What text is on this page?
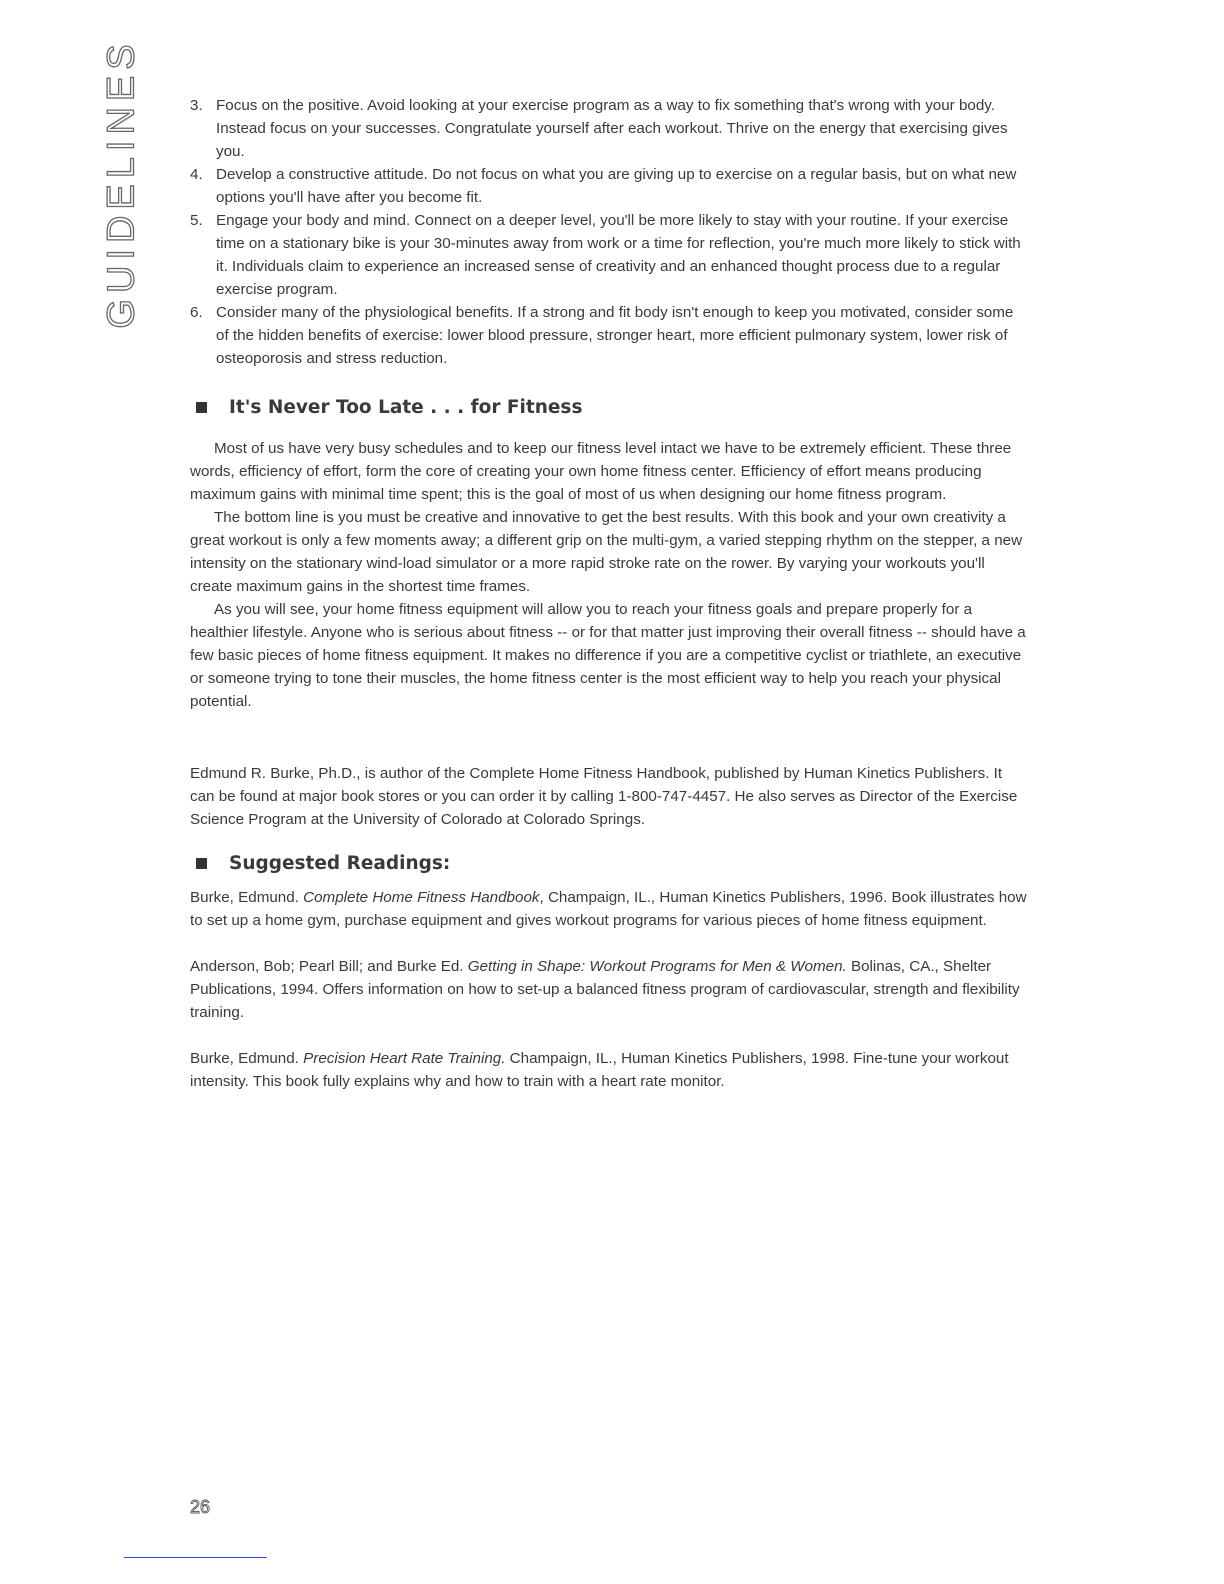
GUIDELINES	3. Focus on the positive. Avoid looking at your exercise program as a way to fix something that's wrong with your body. Instead focus on your successes. Congratulate yourself after each workout. Thrive on the energy that exercising gives you.
4. Develop a constructive attitude. Do not focus on what you are giving up to exercise on a regular basis, but on what new options you'll have after you become fit.
5. Engage your body and mind. Connect on a deeper level, you'll be more likely to stay with your routine. If your exercise time on a stationary bike is your 30-minutes away from work or a time for reflection, you're much more likely to stick with it. Individuals claim to experience an increased sense of creativity and an enhanced thought process due to a regular exercise program.
6. Consider many of the physiological benefits. If a strong and fit body isn't enough to keep you motivated, consider some of the hidden benefits of exercise: lower blood pressure, stronger heart, more efficient pulmonary system, lower risk of osteoporosis and stress reduction.
It's Never Too Late . . . for Fitness

Most of us have very busy schedules and to keep our fitness level intact we have to be extremely efficient. These three words, efficiency of effort, form the core of creating your own home fitness center. Efficiency of effort means producing maximum gains with minimal time spent; this is the goal of most of us when designing our home fitness program.

The bottom line is you must be creative and innovative to get the best results. With this book and your own creativity a great workout is only a few moments away; a different grip on the multi-gym, a varied stepping rhythm on the stepper, a new intensity on the stationary wind-load simulator or a more rapid stroke rate on the rower. By varying your workouts you'll create maximum gains in the shortest time frames.

As you will see, your home fitness equipment will allow you to reach your fitness goals and prepare properly for a healthier lifestyle. Anyone who is serious about fitness -- or for that matter just improving their overall fitness -- should have a few basic pieces of home fitness equipment. It makes no difference if you are a competitive cyclist or triathlete, an executive or someone trying to tone their muscles, the home fitness center is the most efficient way to help you reach your physical potential.

Edmund R. Burke, Ph.D., is author of the Complete Home Fitness Handbook, published by Human Kinetics Publishers. It can be found at major book stores or you can order it by calling 1-800-747-4457. He also serves as Director of the Exercise Science Program at the University of Colorado at Colorado Springs.

Suggested Readings:

Burke, Edmund. Complete Home Fitness Handbook, Champaign, IL., Human Kinetics Publishers, 1996. Book illustrates how to set up a home gym, purchase equipment and gives workout programs for various pieces of home fitness equipment.

Anderson, Bob; Pearl Bill; and Burke Ed. Getting in Shape: Workout Programs for Men & Women. Bolinas, CA., Shelter Publications, 1994. Offers information on how to set-up a balanced fitness program of cardiovascular, strength and flexibility training.

Burke, Edmund. Precision Heart Rate Training. Champaign, IL., Human Kinetics Publishers, 1998. Fine-tune your workout intensity. This book fully explains why and how to train with a heart rate monitor.

26
